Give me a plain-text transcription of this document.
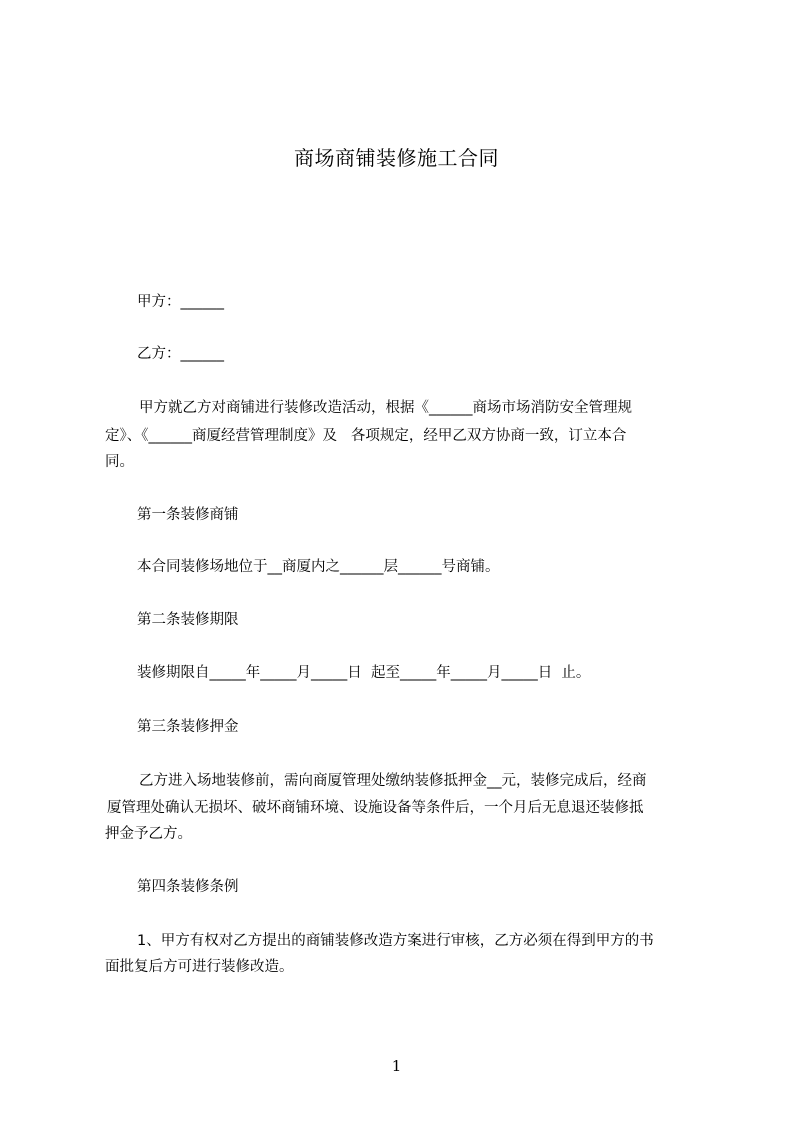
商场商铺装修施工合同
甲方：______
乙方：______
甲方就乙方对商铺进行装修改造活动，根据《______商场市场消防安全管理规
定》、《______商厦经营管理制度》及   各项规定，经甲乙双方协商一致，订立本合
同。
第一条装修商铺
本合同装修场地位于__商厦内之______层______号商铺。
第二条装修期限
装修期限自_____年_____月_____日  起至_____年_____月_____日  止。
第三条装修押金
乙方进入场地装修前，需向商厦管理处缴纳装修抵押金__元，装修完成后，经商
厦管理处确认无损坏、破坏商铺环境、设施设备等条件后，一个月后无息退还装修抵
押金予乙方。
第四条装修条例
1、甲方有权对乙方提出的商铺装修改造方案进行审核，乙方必须在得到甲方的书
面批复后方可进行装修改造。
1
